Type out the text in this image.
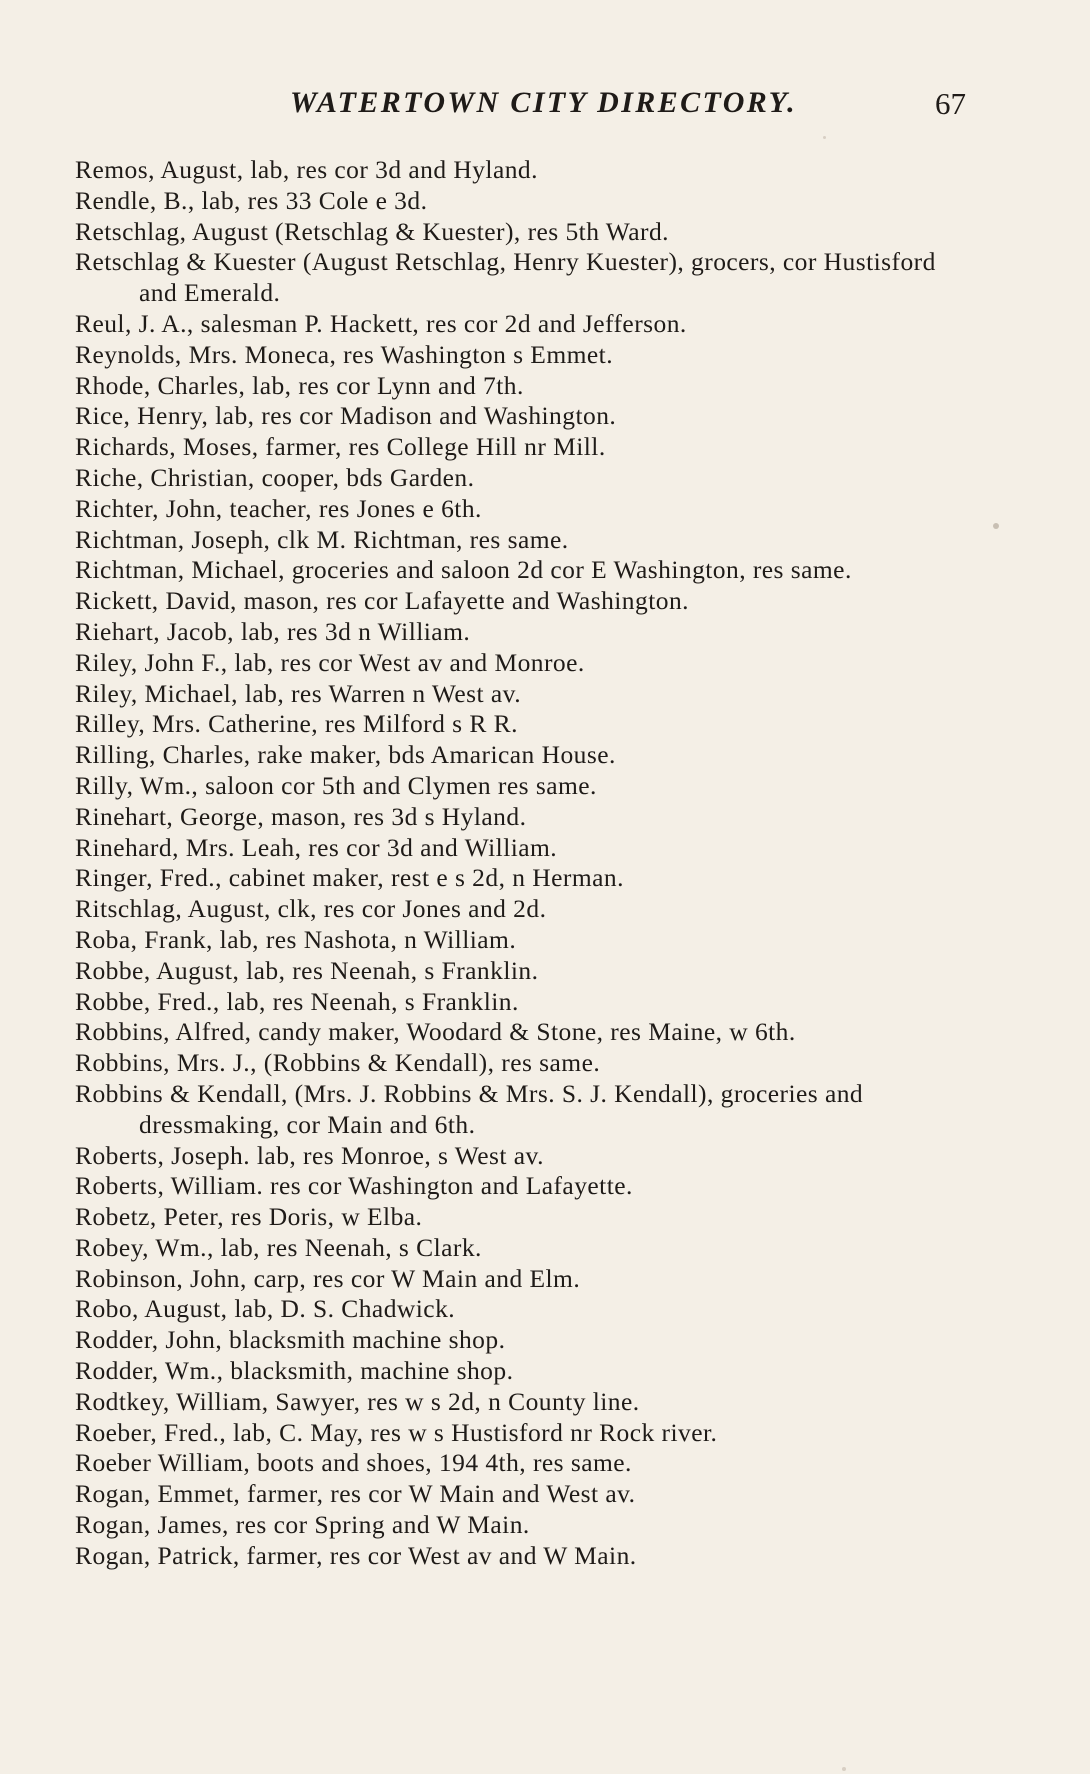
WATERTOWN CITY DIRECTORY.	67
Remos, August, lab, res cor 3d and Hyland.
Rendle, B., lab, res 33 Cole e 3d.
Retschlag, August (Retschlag & Kuester), res 5th Ward.
Retschlag & Kuester (August Retschlag, Henry Kuester), grocers, cor Hustisford and Emerald.
Reul, J. A., salesman P. Hackett, res cor 2d and Jefferson.
Reynolds, Mrs. Moneca, res Washington s Emmet.
Rhode, Charles, lab, res cor Lynn and 7th.
Rice, Henry, lab, res cor Madison and Washington.
Richards, Moses, farmer, res College Hill nr Mill.
Riche, Christian, cooper, bds Garden.
Richter, John, teacher, res Jones e 6th.
Richtman, Joseph, clk M. Richtman, res same.
Richtman, Michael, groceries and saloon 2d cor E Washington, res same.
Rickett, David, mason, res cor Lafayette and Washington.
Riehart, Jacob, lab, res 3d n William.
Riley, John F., lab, res cor West av and Monroe.
Riley, Michael, lab, res Warren n West av.
Rilley, Mrs. Catherine, res Milford s R R.
Rilling, Charles, rake maker, bds Amarican House.
Rilly, Wm., saloon cor 5th and Clymen res same.
Rinehart, George, mason, res 3d s Hyland.
Rinehard, Mrs. Leah, res cor 3d and William.
Ringer, Fred., cabinet maker, rest e s 2d, n Herman.
Ritschlag, August, clk, res cor Jones and 2d.
Roba, Frank, lab, res Nashota, n William.
Robbe, August, lab, res Neenah, s Franklin.
Robbe, Fred., lab, res Neenah, s Franklin.
Robbins, Alfred, candy maker, Woodard & Stone, res Maine, w 6th.
Robbins, Mrs. J., (Robbins & Kendall), res same.
Robbins & Kendall, (Mrs. J. Robbins & Mrs. S. J. Kendall), groceries and dressmaking, cor Main and 6th.
Roberts, Joseph. lab, res Monroe, s West av.
Roberts, William. res cor Washington and Lafayette.
Robetz, Peter, res Doris, w Elba.
Robey, Wm., lab, res Neenah, s Clark.
Robinson, John, carp, res cor W Main and Elm.
Robo, August, lab, D. S. Chadwick.
Rodder, John, blacksmith machine shop.
Rodder, Wm., blacksmith, machine shop.
Rodtkey, William, Sawyer, res w s 2d, n County line.
Roeber, Fred., lab, C. May, res w s Hustisford nr Rock river.
Roeber William, boots and shoes, 194 4th, res same.
Rogan, Emmet, farmer, res cor W Main and West av.
Rogan, James, res cor Spring and W Main.
Rogan, Patrick, farmer, res cor West av and W Main.
